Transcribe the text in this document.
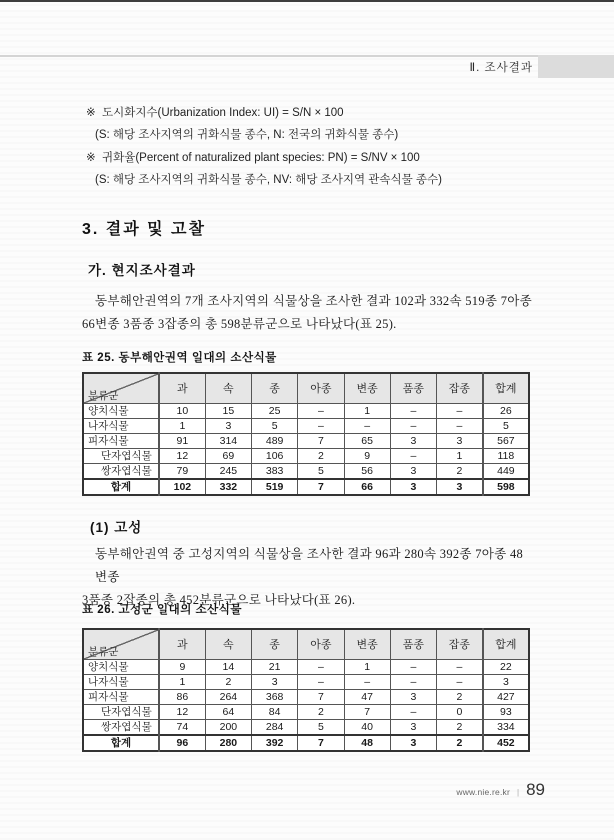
Ⅱ. 조사결과
※ 도시화지수(Urbanization Index: UI) = S/N × 100
(S: 해당 조사지역의 귀화식물 종수, N: 전국의 귀화식물 종수)
※ 귀화율(Percent of naturalized plant species: PN) = S/NV × 100
(S: 해당 조사지역의 귀화식물 종수, NV: 해당 조사지역 관속식물 종수)
3. 결과 및 고찰
가. 현지조사결과
동부해안권역의 7개 조사지역의 식물상을 조사한 결과 102과 332속 519종 7아종
66변종 3품종 3잡종의 총 598분류군으로 나타났다(표 25).
표 25. 동부해안권역 일대의 소산식물
분류군	과	속	종	아종	변종	품종	잡종	합계
양치식물	10	15	25	–	1	–	–	26
나자식물	1	3	5	–	–	–	–	5
피자식물	91	314	489	7	65	3	3	567
단자엽식물	12	69	106	2	9	–	1	118
쌍자엽식물	79	245	383	5	56	3	2	449
합계	102	332	519	7	66	3	3	598
(1) 고성
동부해안권역 중 고성지역의 식물상을 조사한 결과 96과 280속 392종 7아종 48변종
3품종 2잡종의 총 452분류군으로 나타났다(표 26).
표 26. 고성군 일대의 소산식물
분류군	과	속	종	아종	변종	품종	잡종	합계
양치식물	9	14	21	–	1	–	–	22
나자식물	1	2	3	–	–	–	–	3
피자식물	86	264	368	7	47	3	2	427
단자엽식물	12	64	84	2	7	–	0	93
쌍자엽식물	74	200	284	5	40	3	2	334
합계	96	280	392	7	48	3	2	452
www.nie.re.kr | 89
